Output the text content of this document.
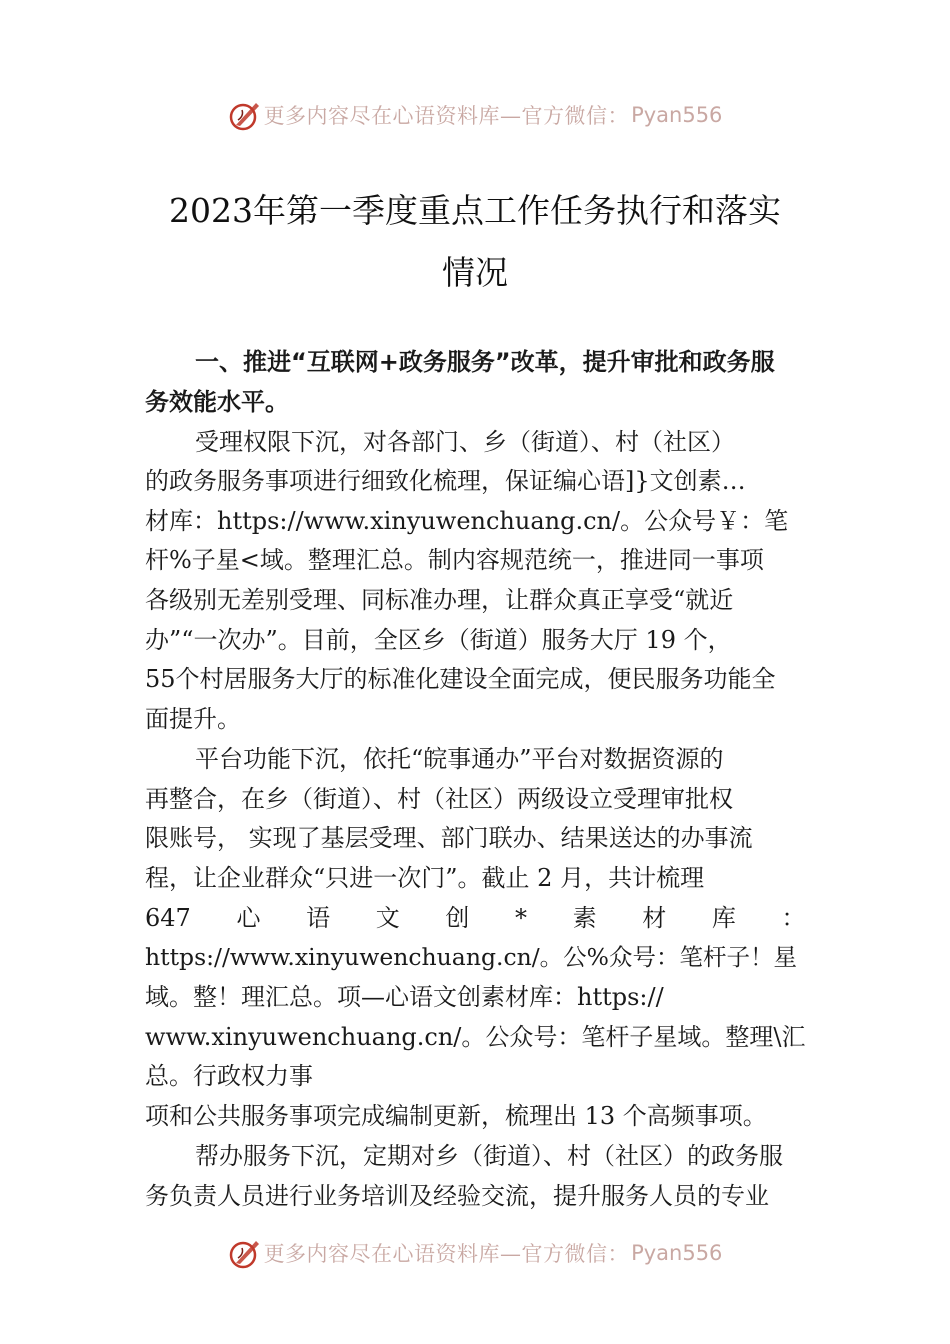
更多内容尽在心语资料库—官方微信： Pyan556
2023年第一季度重点工作任务执行和落实
情况

一、推进“互联网+政务服务”改革，提升审批和政务服

务效能水平。

受理权限下沉，对各部门、乡（街道）、村（社区）

的政务服务事项进行细致化梳理，保证编心语]}文创素…

材库：https://www.xinyuwenchuang.cn/。公众号￥：笔

杆%子星<域。整理汇总。制内容规范统一，推进同一事项

各级别无差别受理、同标准办理，让群众真正享受“就近

办”“一次办”。目前，全区乡（街道）服务大厅 19 个，

55个村居服务大厅的标准化建设全面完成，便民服务功能全

面提升。

平台功能下沉，依托“皖事通办”平台对数据资源的

再整合，在乡（街道）、村（社区）两级设立受理审批权

限账号， 实现了基层受理、部门联办、结果送达的办事流

程，让企业群众“只进一次门”。截止 2 月，共计梳理

647 心 语 文 创 * 素 材 库 ：

https://www.xinyuwenchuang.cn/。公%众号：笔杆子！星

域。整！理汇总。项—心语文创素材库：https://

www.xinyuwenchuang.cn/。公众号：笔杆子星域。整理\汇

总。行政权力事

项和公共服务事项完成编制更新，梳理出 13 个高频事项。

帮办服务下沉，定期对乡（街道）、村（社区）的政务服

务负责人员进行业务培训及经验交流，提升服务人员的专业

更多内容尽在心语资料库—官方微信： Pyan556
